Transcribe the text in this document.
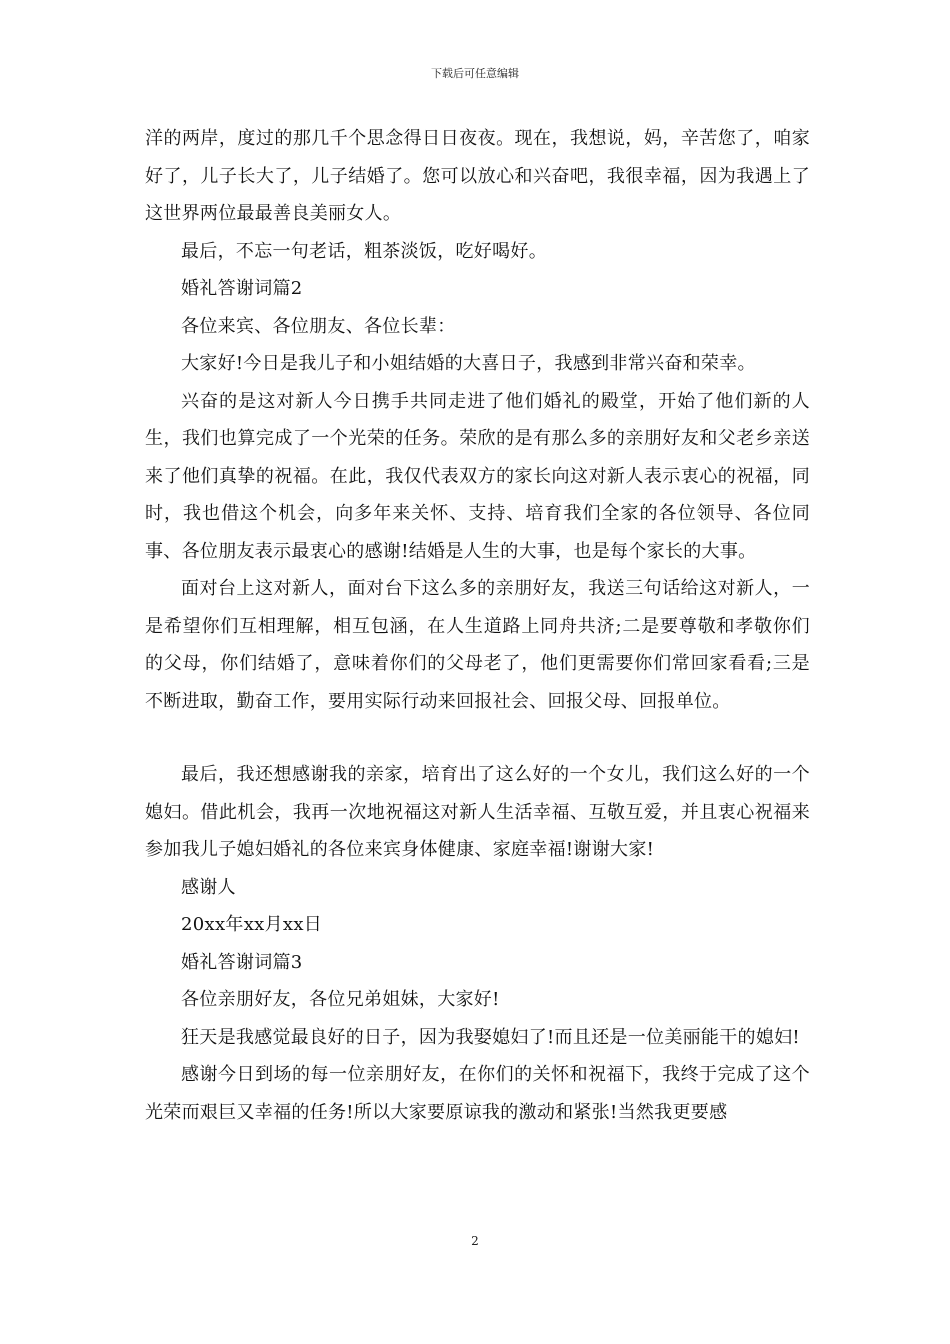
下载后可任意编辑

洋的两岸，度过的那几千个思念得日日夜夜。现在，我想说，妈，辛苦您了，咱家好了，儿子长大了，儿子结婚了。您可以放心和兴奋吧，我很幸福，因为我遇上了这世界两位最最善良美丽女人。

最后，不忘一句老话，粗茶淡饭，吃好喝好。

婚礼答谢词篇2

各位来宾、各位朋友、各位长辈：

大家好!今日是我儿子和小姐结婚的大喜日子，我感到非常兴奋和荣幸。

兴奋的是这对新人今日携手共同走进了他们婚礼的殿堂，开始了他们新的人生，我们也算完成了一个光荣的任务。荣欣的是有那么多的亲朋好友和父老乡亲送来了他们真挚的祝福。在此，我仅代表双方的家长向这对新人表示衷心的祝福，同时，我也借这个机会，向多年来关怀、支持、培育我们全家的各位领导、各位同事、各位朋友表示最衷心的感谢!结婚是人生的大事，也是每个家长的大事。

面对台上这对新人，面对台下这么多的亲朋好友，我送三句话给这对新人，一是希望你们互相理解，相互包涵，在人生道路上同舟共济;二是要尊敬和孝敬你们的父母，你们结婚了，意味着你们的父母老了，他们更需要你们常回家看看;三是不断进取，勤奋工作，要用实际行动来回报社会、回报父母、回报单位。

最后，我还想感谢我的亲家，培育出了这么好的一个女儿，我们这么好的一个媳妇。借此机会，我再一次地祝福这对新人生活幸福、互敬互爱，并且衷心祝福来参加我儿子媳妇婚礼的各位来宾身体健康、家庭幸福!谢谢大家!

感谢人

20xx年xx月xx日

婚礼答谢词篇3

各位亲朋好友，各位兄弟姐妹，大家好!

狂天是我感觉最良好的日子，因为我娶媳妇了!而且还是一位美丽能干的媳妇!

感谢今日到场的每一位亲朋好友，在你们的关怀和祝福下，我终于完成了这个光荣而艰巨又幸福的任务!所以大家要原谅我的激动和紧张!当然我更要感

2
